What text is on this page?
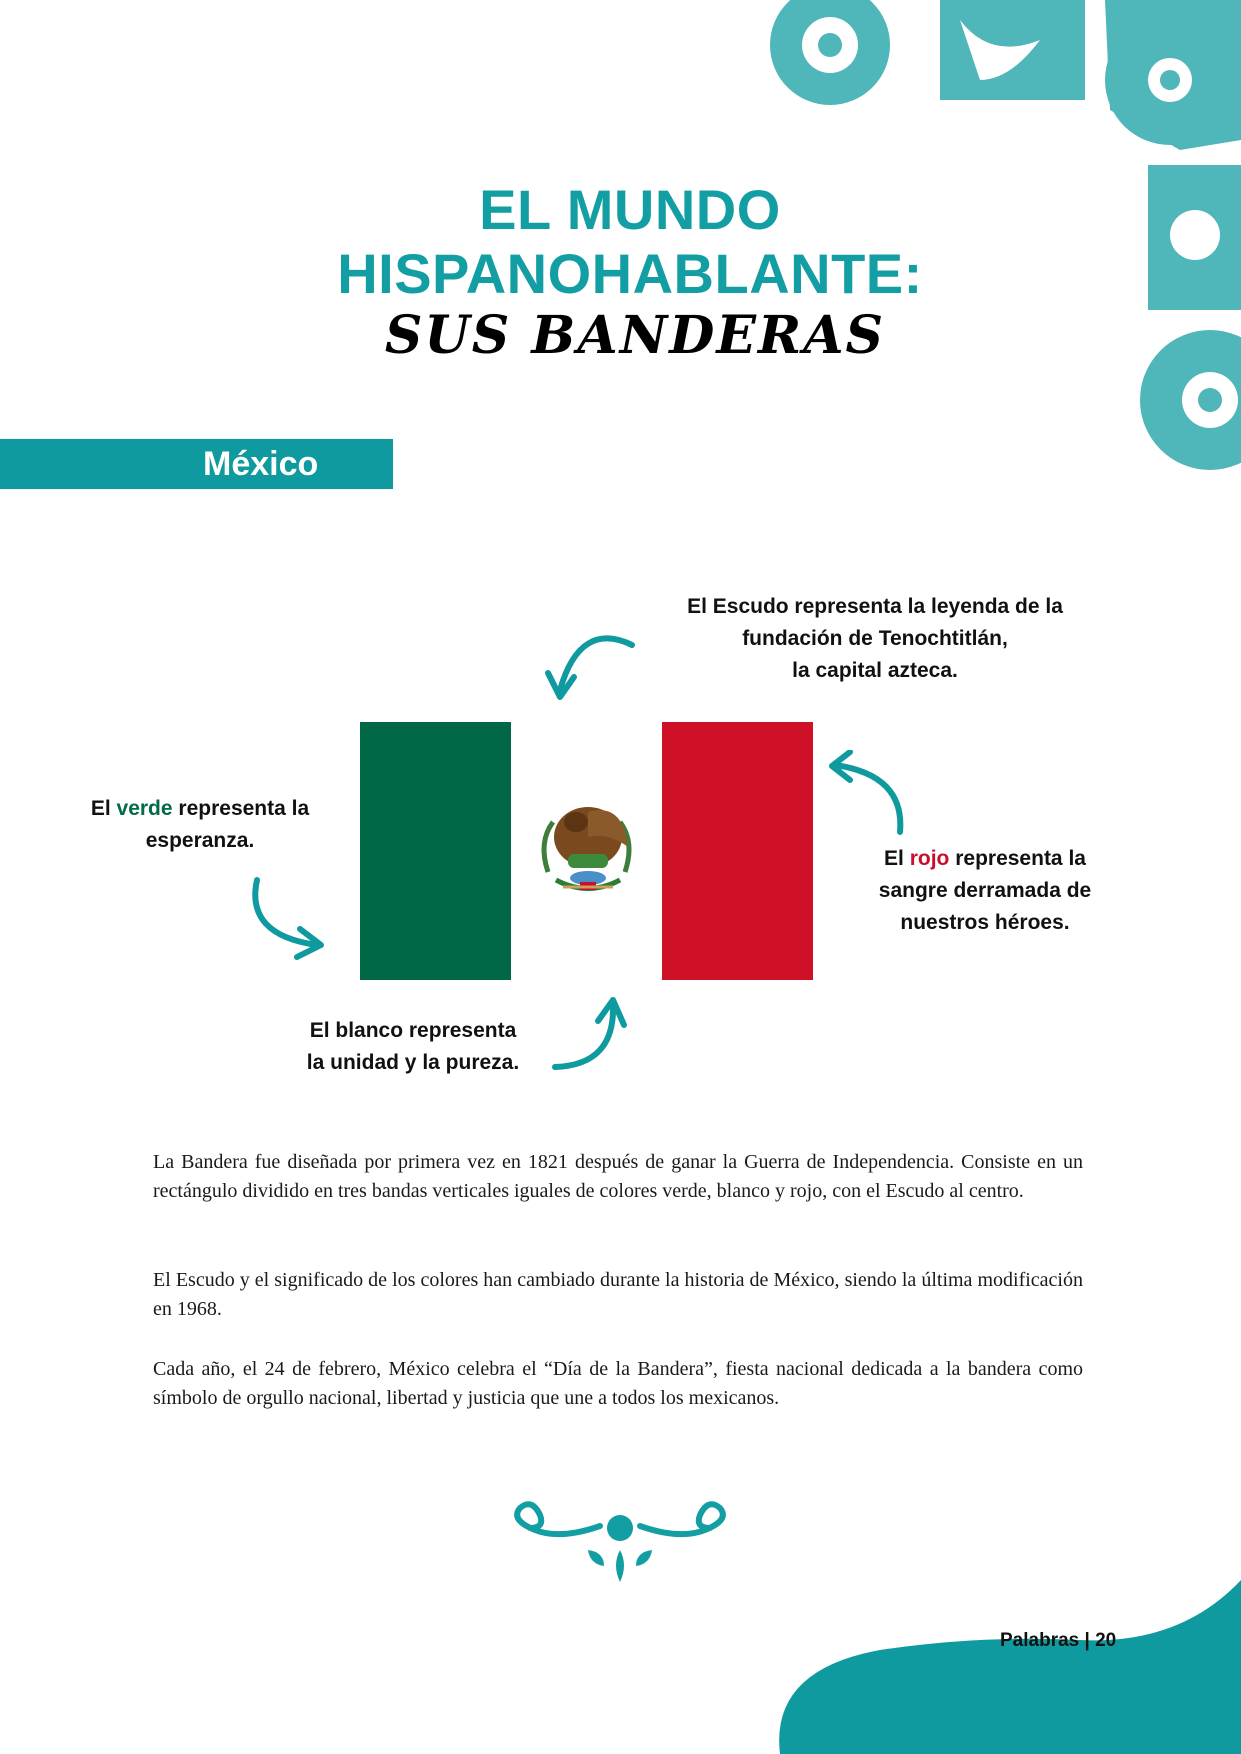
EL MUNDO
HISPANOHABLANTE:
SUS BANDERAS
México
El Escudo representa la leyenda de la
fundación de Tenochtitlán,
la capital azteca.
El verde representa la
esperanza.
El rojo representa la
sangre derramada de
nuestros héroes.
El blanco representa
la unidad y la pureza.

La Bandera fue diseñada por primera vez en 1821 después de ganar la Guerra de Independencia. Consiste en un rectángulo dividido en tres bandas verticales iguales de colores verde, blanco y rojo, con el Escudo al centro.

El Escudo y el significado de los colores han cambiado durante la historia de México, siendo la última modificación en 1968.

Cada año, el 24 de febrero, México celebra el “Día de la Bandera”, fiesta nacional dedicada a la bandera como símbolo de orgullo nacional, libertad y justicia que une a todos los mexicanos.

Palabras | 20
